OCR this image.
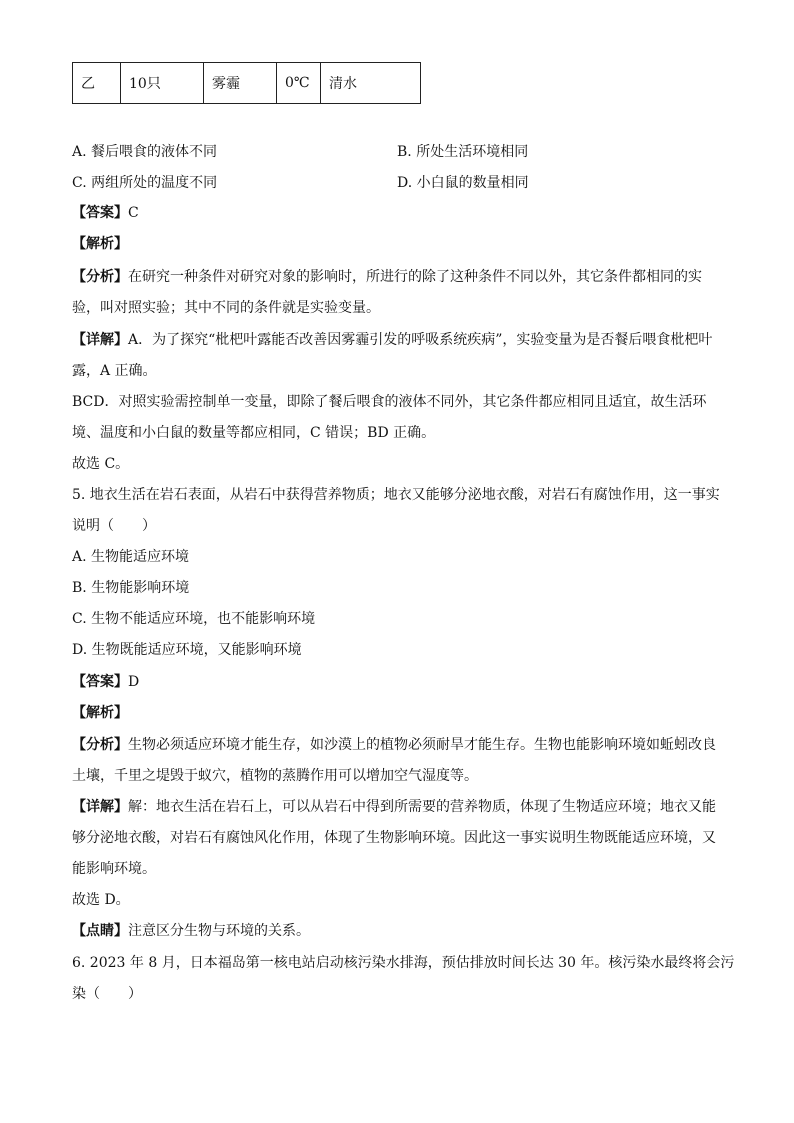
乙	10只	雾霾	0℃	清水
A. 餐后喂食的液体不同	B. 所处生活环境相同
C. 两组所处的温度不同	D. 小白鼠的数量相同
【答案】C
【解析】
【分析】在研究一种条件对研究对象的影响时，所进行的除了这种条件不同以外，其它条件都相同的实
验，叫对照实验；其中不同的条件就是实验变量。
【详解】A．为了探究“枇杷叶露能否改善因雾霾引发的呼吸系统疾病”，实验变量为是否餐后喂食枇杷叶
露，A 正确。
BCD．对照实验需控制单一变量，即除了餐后喂食的液体不同外，其它条件都应相同且适宜，故生活环
境、温度和小白鼠的数量等都应相同，C 错误；BD 正确。
故选 C。
5. 地衣生活在岩石表面，从岩石中获得营养物质；地衣又能够分泌地衣酸，对岩石有腐蚀作用，这一事实
说明（　　）
A. 生物能适应环境
B. 生物能影响环境
C. 生物不能适应环境，也不能影响环境
D. 生物既能适应环境，又能影响环境
【答案】D
【解析】
【分析】生物必须适应环境才能生存，如沙漠上的植物必须耐旱才能生存。生物也能影响环境如蚯蚓改良
土壤，千里之堤毁于蚁穴，植物的蒸腾作用可以增加空气湿度等。
【详解】解：地衣生活在岩石上，可以从岩石中得到所需要的营养物质，体现了生物适应环境；地衣又能
够分泌地衣酸，对岩石有腐蚀风化作用，体现了生物影响环境。因此这一事实说明生物既能适应环境，又
能影响环境。
故选 D。
【点睛】注意区分生物与环境的关系。
6. 2023 年 8 月，日本福岛第一核电站启动核污染水排海，预估排放时间长达 30 年。核污染水最终将会污
染（　　）
